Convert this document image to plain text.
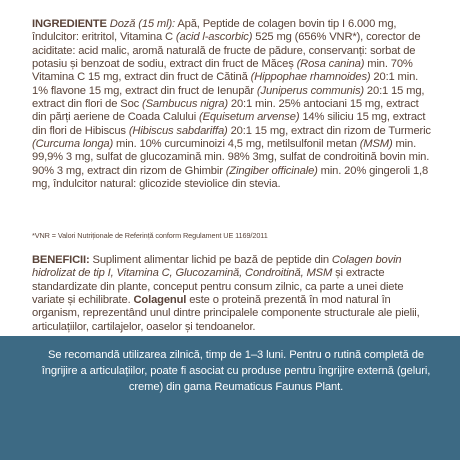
INGREDIENTE Doză (15 ml): Apă, Peptide de colagen bovin tip I 6.000 mg, îndulcitor: eritritol, Vitamina C (acid l-ascorbic) 525 mg (656% VNR*), corector de aciditate: acid malic, aromă naturală de fructe de pădure, conservanți: sorbat de potasiu și benzoat de sodiu, extract din fruct de Măceș (Rosa canina) min. 70% Vitamina C 15 mg, extract din fruct de Cătină (Hippophae rhamnoides) 20:1 min. 1% flavone 15 mg, extract din fruct de Ienupăr (Juniperus communis) 20:1 15 mg, extract din flori de Soc (Sambucus nigra) 20:1 min. 25% antociani 15 mg, extract din părți aeriene de Coada Calului (Equisetum arvense) 14% siliciu 15 mg, extract din flori de Hibiscus (Hibiscus sabdariffa) 20:1 15 mg, extract din rizom de Turmeric (Curcuma longa) min. 10% curcuminoizi 4,5 mg, metilsulfonil metan (MSM) min. 99,9% 3 mg, sulfat de glucozamină min. 98% 3mg, sulfat de condroitină bovin min. 90% 3 mg, extract din rizom de Ghimbir (Zingiber officinale) min. 20% gingeroli 1,8 mg, îndulcitor natural: glicozide steviolice din stevia.

*VNR = Valori Nutriționale de Referință conform Regulament UE 1169/2011

BENEFICII: Supliment alimentar lichid pe bază de peptide din Colagen bovin hidrolizat de tip I, Vitamina C, Glucozamină, Condroitină, MSM și extracte standardizate din plante, conceput pentru consum zilnic, ca parte a unei diete variate și echilibrate. Colagenul este o proteină prezentă în mod natural în organism, reprezentând unul dintre principalele componente structurale ale pielii, articulațiilor, cartilajelor, oaselor și tendoanelor.

Se recomandă utilizarea zilnică, timp de 1–3 luni. Pentru o rutină completă de îngrijire a articulațiilor, poate fi asociat cu produse pentru îngrijire externă (geluri, creme) din gama Reumaticus Faunus Plant.
